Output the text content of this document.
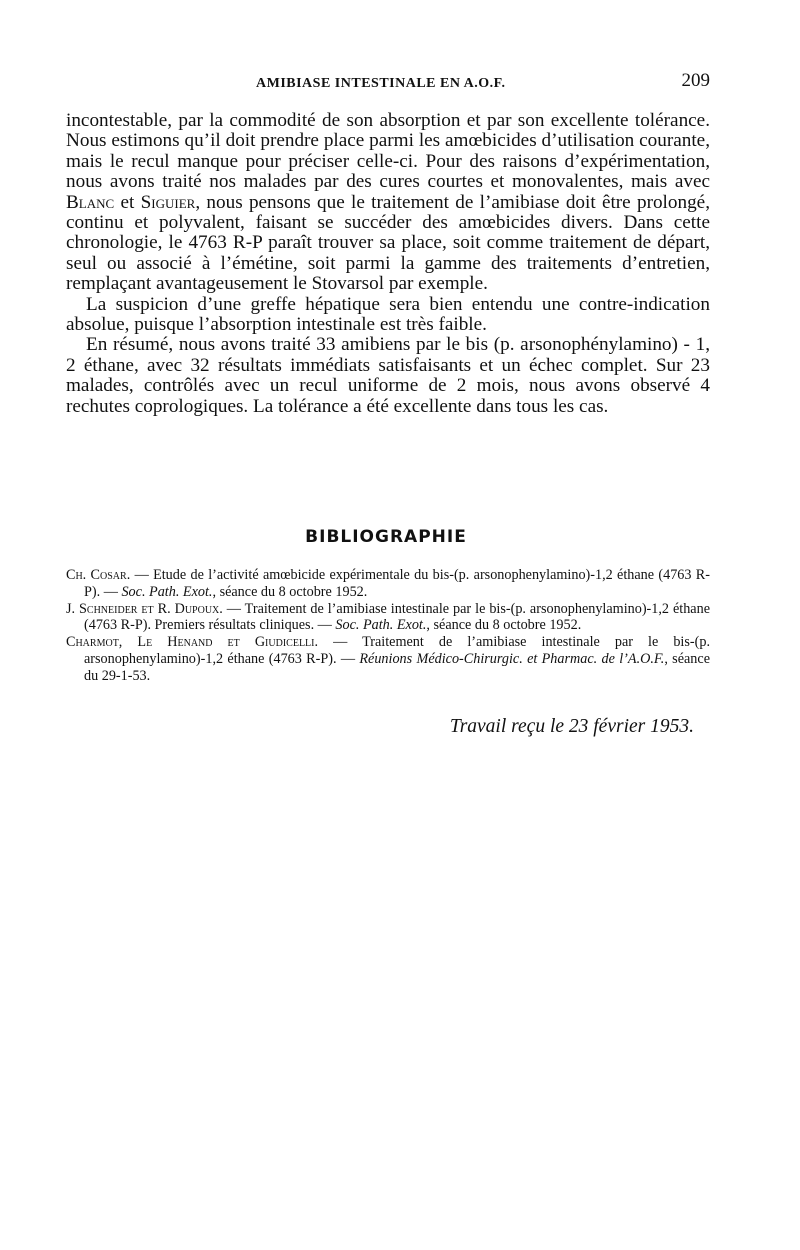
AMIBIASE INTESTINALE EN A.O.F.	209

incontestable, par la commodité de son absorption et par son excellente tolérance. Nous estimons qu’il doit prendre place parmi les amœbicides d’utilisation courante, mais le recul manque pour préciser celle-ci. Pour des raisons d’expérimentation, nous avons traité nos malades par des cures courtes et monovalentes, mais avec Blanc et Siguier, nous pensons que le traitement de l’amibiase doit être prolongé, continu et polyvalent, faisant se succéder des amœbicides divers. Dans cette chronologie, le 4763 R-P paraît trouver sa place, soit comme traitement de départ, seul ou associé à l’émétine, soit parmi la gamme des traitements d’entretien, remplaçant avantageusement le Stovarsol par exemple.

La suspicion d’une greffe hépatique sera bien entendu une contre-indication absolue, puisque l’absorption intestinale est très faible.

En résumé, nous avons traité 33 amibiens par le bis (p. arsonophénylamino) - 1, 2 éthane, avec 32 résultats immédiats satisfaisants et un échec complet. Sur 23 malades, contrôlés avec un recul uniforme de 2 mois, nous avons observé 4 rechutes coprologiques. La tolérance a été excellente dans tous les cas.

BIBLIOGRAPHIE

Ch. Cosar. — Etude de l’activité amœbicide expérimentale du bis-(p. arsonophenylamino)-1,2 éthane (4763 R-P). — Soc. Path. Exot., séance du 8 octobre 1952.

J. Schneider et R. Dupoux. — Traitement de l’amibiase intestinale par le bis-(p. arsonophenylamino)-1,2 éthane (4763 R-P). Premiers résultats cliniques. — Soc. Path. Exot., séance du 8 octobre 1952.

Charmot, Le Henand et Giudicelli. — Traitement de l’amibiase intestinale par le bis-(p. arsonophenylamino)-1,2 éthane (4763 R-P). — Réunions Médico-Chirurgic. et Pharmac. de l’A.O.F., séance du 29-1-53.

Travail reçu le 23 février 1953.
